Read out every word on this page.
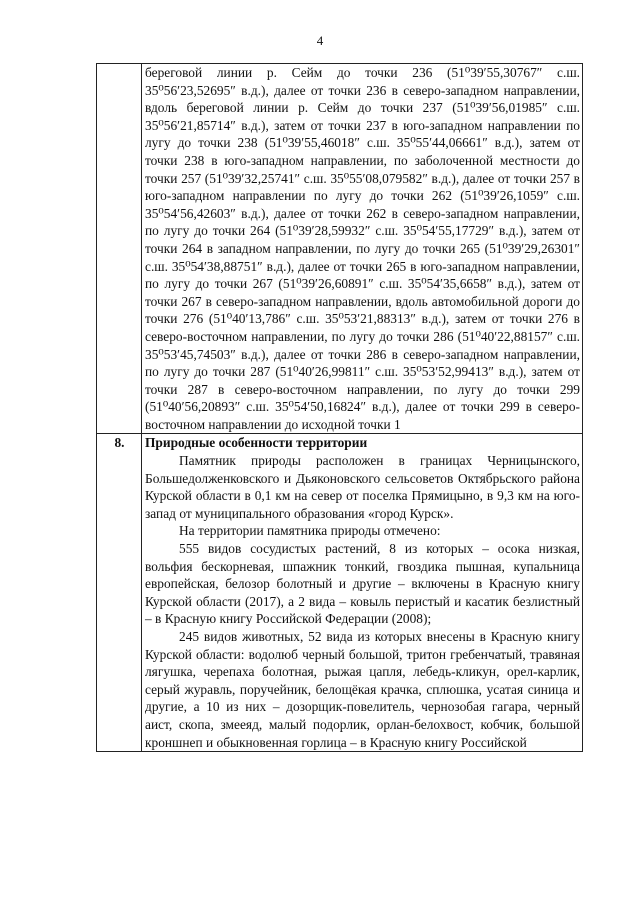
4

	береговой линии р. Сейм до точки 236 (51⁰39′55,30767″ с.ш. 35⁰56′23,52695″ в.д.), далее от точки 236 в северо-западном направлении, вдоль береговой линии р. Сейм до точки 237 (51⁰39′56,01985″ с.ш. 35⁰56′21,85714″ в.д.), затем от точки 237 в юго-западном направлении по лугу до точки 238 (51⁰39′55,46018″ с.ш. 35⁰55′44,06661″ в.д.), затем от точки 238 в юго-западном направлении, по заболоченной местности до точки 257 (51⁰39′32,25741″ с.ш. 35⁰55′08,079582″ в.д.), далее от точки 257 в юго-западном направлении по лугу до точки 262 (51⁰39′26,1059″ с.ш. 35⁰54′56,42603″ в.д.), далее от точки 262 в северо-западном направлении, по лугу до точки 264 (51⁰39′28,59932″ с.ш. 35⁰54′55,17729″ в.д.), затем от точки 264 в западном направлении, по лугу до точки 265 (51⁰39′29,26301″ с.ш. 35⁰54′38,88751″ в.д.), далее от точки 265 в юго-западном направлении, по лугу до точки 267 (51⁰39′26,60891″ с.ш. 35⁰54′35,6658″ в.д.), затем от точки 267 в северо-западном направлении, вдоль автомобильной дороги до точки 276 (51⁰40′13,786″ с.ш. 35⁰53′21,88313″ в.д.), затем от точки 276 в северо-восточном направлении, по лугу до точки 286 (51⁰40′22,88157″ с.ш. 35⁰53′45,74503″ в.д.), далее от точки 286 в северо-западном направлении, по лугу до точки 287 (51⁰40′26,99811″ с.ш. 35⁰53′52,99413″ в.д.), затем от точки 287 в северо-восточном направлении, по лугу до точки 299 (51⁰40′56,20893″ с.ш. 35⁰54′50,16824″ в.д.), далее от точки 299 в северо-восточном направлении до исходной точки 1

8.	Природные особенности территории

Памятник природы расположен в границах Черницынского, Большедолженковского и Дьяконовского сельсоветов Октябрьского района Курской области в 0,1 км на север от поселка Прямицыно, в 9,3 км на юго-запад от муниципального образования «город Курск».

На территории памятника природы отмечено:

555 видов сосудистых растений, 8 из которых – осока низкая, вольфия бескорневая, шпажник тонкий, гвоздика пышная, купальница европейская, белозор болотный и другие – включены в Красную книгу Курской области (2017), а 2 вида – ковыль перистый и касатик безлистный – в Красную книгу Российской Федерации (2008);

245 видов животных, 52 вида из которых внесены в Красную книгу Курской области: водолюб черный большой, тритон гребенчатый, травяная лягушка, черепаха болотная, рыжая цапля, лебедь-кликун, орел-карлик, серый журавль, поручейник, белощёкая крачка, сплюшка, усатая синица и другие, а 10 из них – дозорщик-повелитель, чернозобая гагара, черный аист, скопа, змееяд, малый подорлик, орлан-белохвост, кобчик, большой кроншнеп и обыкновенная горлица – в Красную книгу Российской
